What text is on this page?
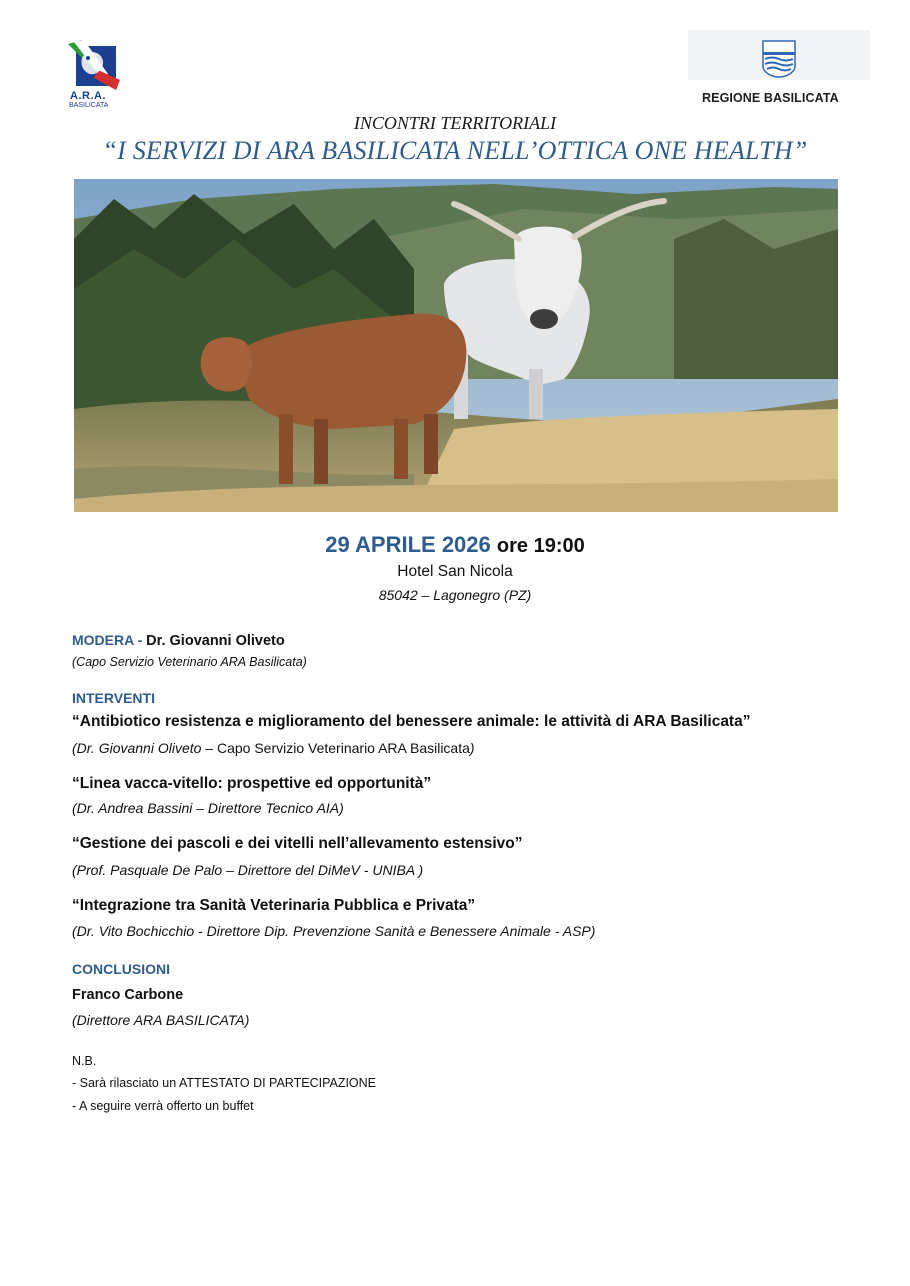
A.R.A.
BASILICATA
REGIONE BASILICATA
INCONTRI TERRITORIALI
“I SERVIZI DI ARA BASILICATA NELL’OTTICA ONE HEALTH”
29 APRILE 2026 ore 19:00
Hotel San Nicola
85042 – Lagonegro (PZ)
MODERA - Dr. Giovanni Oliveto
(Capo Servizio Veterinario ARA Basilicata)
INTERVENTI
“Antibiotico resistenza e miglioramento del benessere animale: le attività di ARA Basilicata”
(Dr. Giovanni Oliveto – Capo Servizio Veterinario ARA Basilicata)
“Linea vacca-vitello: prospettive ed opportunità”
(Dr. Andrea Bassini – Direttore Tecnico AIA)
“Gestione dei pascoli e dei vitelli nell’allevamento estensivo”
(Prof. Pasquale De Palo – Direttore del DiMeV - UNIBA )
“Integrazione tra Sanità Veterinaria Pubblica e Privata”
(Dr. Vito Bochicchio - Direttore Dip. Prevenzione Sanità e Benessere Animale - ASP)
CONCLUSIONI
Franco Carbone
(Direttore ARA BASILICATA)
N.B.
- Sarà rilasciato un ATTESTATO DI PARTECIPAZIONE
- A seguire verrà offerto un buffet
